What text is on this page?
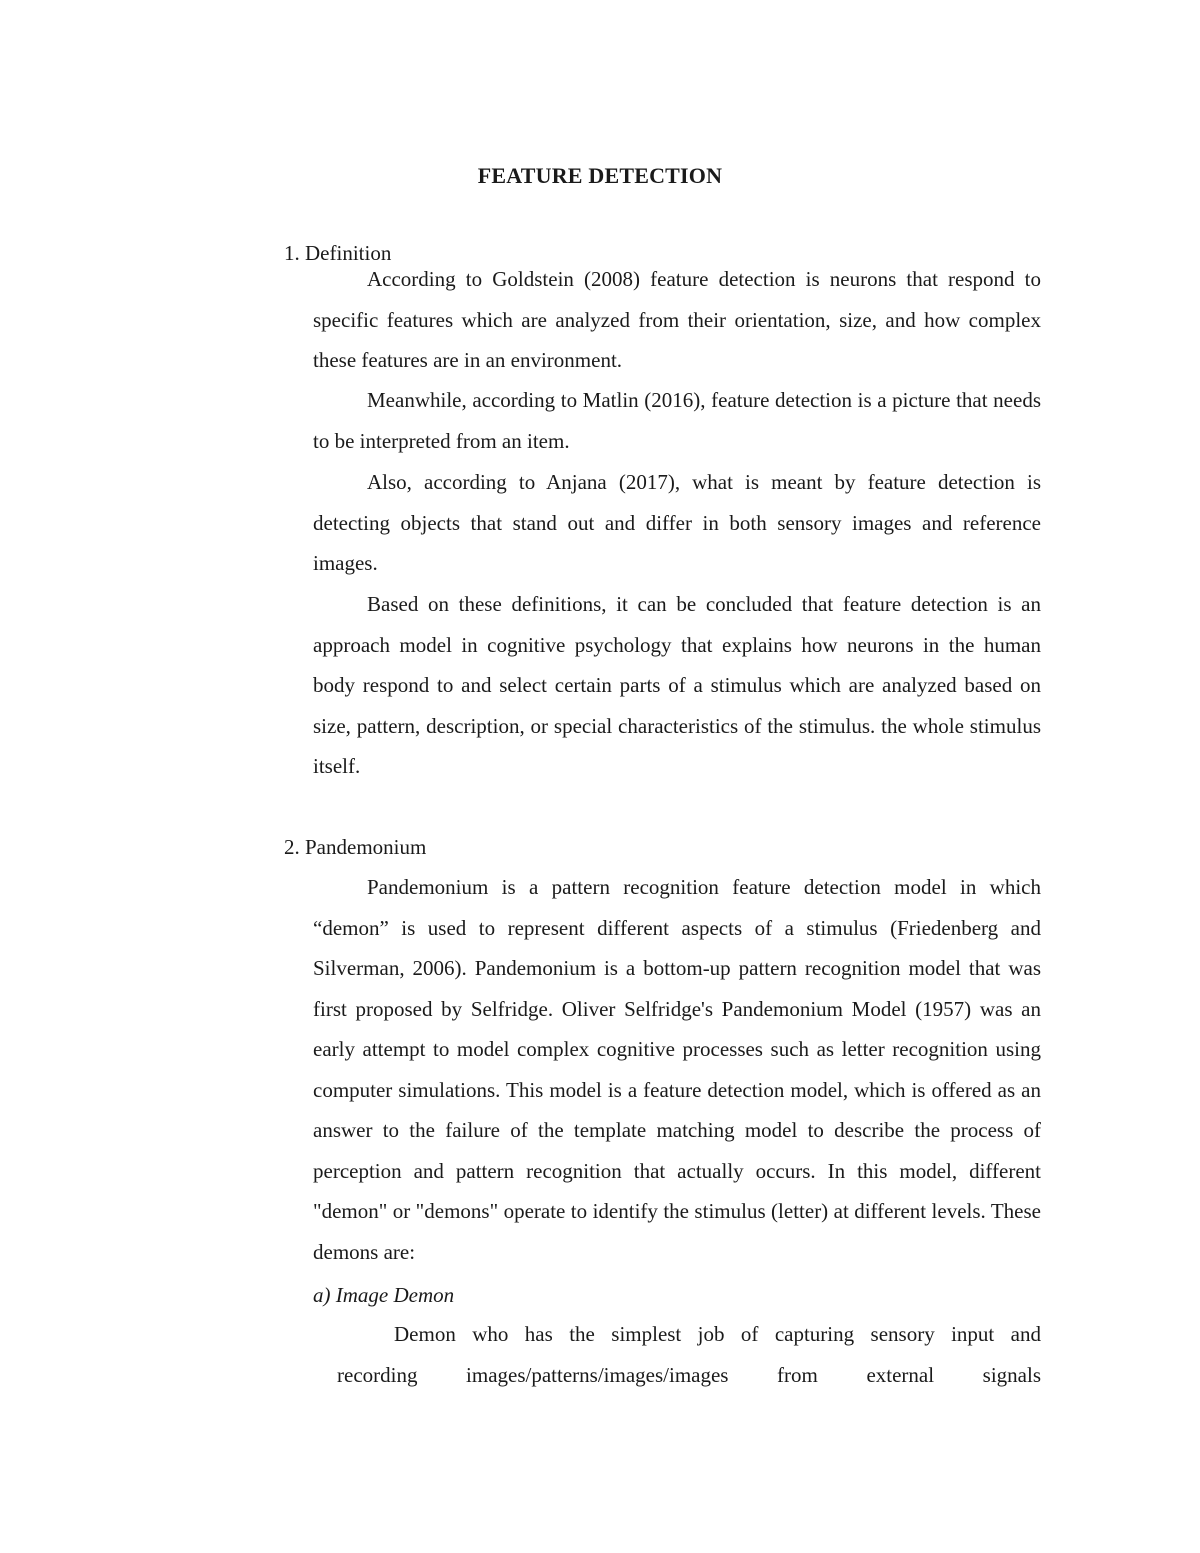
FEATURE DETECTION
1. Definition

According to Goldstein (2008) feature detection is neurons that respond to specific features which are analyzed from their orientation, size, and how complex these features are in an environment.

Meanwhile, according to Matlin (2016), feature detection is a picture that needs to be interpreted from an item.

Also, according to Anjana (2017), what is meant by feature detection is detecting objects that stand out and differ in both sensory images and reference images.

Based on these definitions, it can be concluded that feature detection is an approach model in cognitive psychology that explains how neurons in the human body respond to and select certain parts of a stimulus which are analyzed based on size, pattern, description, or special characteristics of the stimulus. the whole stimulus itself.

2. Pandemonium

Pandemonium is a pattern recognition feature detection model in which “demon” is used to represent different aspects of a stimulus (Friedenberg and Silverman, 2006). Pandemonium is a bottom-up pattern recognition model that was first proposed by Selfridge. Oliver Selfridge's Pandemonium Model (1957) was an early attempt to model complex cognitive processes such as letter recognition using computer simulations. This model is a feature detection model, which is offered as an answer to the failure of the template matching model to describe the process of perception and pattern recognition that actually occurs. In this model, different "demon" or "demons" operate to identify the stimulus (letter) at different levels. These demons are:

a) Image Demon
Demon who has the simplest job of capturing sensory input and
recording images/patterns/images/images from external signals
